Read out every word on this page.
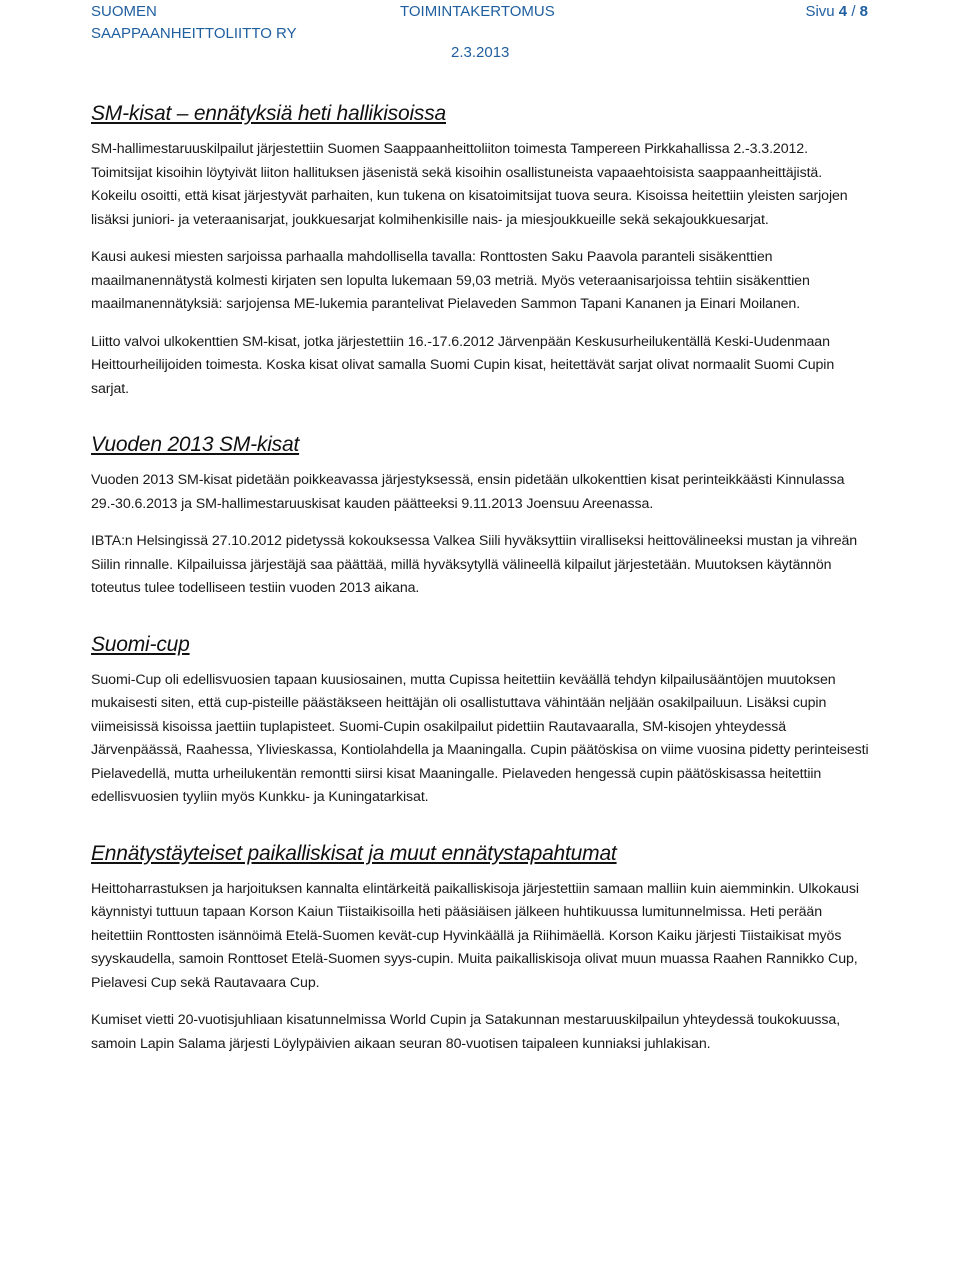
SUOMEN
SAAPPAANHEITTOLIITTO RY
TOIMINTAKERTOMUS
2.3.2013
Sivu 4 / 8
SM-kisat – ennätyksiä heti hallikisoissa

SM-hallimestaruuskilpailut järjestettiin Suomen Saappaanheittoliiton toimesta Tampereen Pirkkahallissa 2.-3.3.2012. Toimitsijat kisoihin löytyivät liiton hallituksen jäsenistä sekä kisoihin osallistuneista vapaaehtoisista saappaanheittäjistä. Kokeilu osoitti, että kisat järjestyvät parhaiten, kun tukena on kisatoimitsijat tuova seura. Kisoissa heitettiin yleisten sarjojen lisäksi juniori- ja veteraanisarjat, joukkuesarjat kolmihenkisille nais- ja miesjoukkueille sekä sekajoukkuesarjat.

Kausi aukesi miesten sarjoissa parhaalla mahdollisella tavalla: Ronttosten Saku Paavola paranteli sisäkenttien maailmanennätystä kolmesti kirjaten sen lopulta lukemaan 59,03 metriä. Myös veteraanisarjoissa tehtiin sisäkenttien maailmanennätyksiä: sarjojensa ME-lukemia parantelivat Pielaveden Sammon Tapani Kananen ja Einari Moilanen.

Liitto valvoi ulkokenttien SM-kisat, jotka järjestettiin 16.-17.6.2012 Järvenpään Keskusurheilukentällä Keski-Uudenmaan Heittourheilijoiden toimesta. Koska kisat olivat samalla Suomi Cupin kisat, heitettävät sarjat olivat normaalit Suomi Cupin sarjat.

Vuoden 2013 SM-kisat

Vuoden 2013 SM-kisat pidetään poikkeavassa järjestyksessä, ensin pidetään ulkokenttien kisat perinteikkäästi Kinnulassa 29.-30.6.2013 ja SM-hallimestaruuskisat kauden päätteeksi 9.11.2013 Joensuu Areenassa.

IBTA:n Helsingissä 27.10.2012 pidetyssä kokouksessa Valkea Siili hyväksyttiin viralliseksi heittovälineeksi mustan ja vihreän Siilin rinnalle. Kilpailuissa järjestäjä saa päättää, millä hyväksytyllä välineellä kilpailut järjestetään. Muutoksen käytännön toteutus tulee todelliseen testiin vuoden 2013 aikana.

Suomi-cup

Suomi-Cup oli edellisvuosien tapaan kuusiosainen, mutta Cupissa heitettiin keväällä tehdyn kilpailusääntöjen muutoksen mukaisesti siten, että cup-pisteille päästäkseen heittäjän oli osallistuttava vähintään neljään osakilpailuun. Lisäksi cupin viimeisissä kisoissa jaettiin tuplapisteet. Suomi-Cupin osakilpailut pidettiin Rautavaaralla, SM-kisojen yhteydessä Järvenpäässä, Raahessa, Ylivieskassa, Kontiolahdella ja Maaningalla. Cupin päätöskisa on viime vuosina pidetty perinteisesti Pielavedellä, mutta urheilukentän remontti siirsi kisat Maaningalle. Pielaveden hengessä cupin päätöskisassa heitettiin edellisvuosien tyyliin myös Kunkku- ja Kuningatarkisat.

Ennätystäyteiset paikalliskisat ja muut ennätystapahtumat

Heittoharrastuksen ja harjoituksen kannalta elintärkeitä paikalliskisoja järjestettiin samaan malliin kuin aiemminkin. Ulkokausi käynnistyi tuttuun tapaan Korson Kaiun Tiistaikisoilla heti pääsiäisen jälkeen huhtikuussa lumitunnelmissa. Heti perään heitettiin Ronttosten isännöimä Etelä-Suomen kevät-cup Hyvinkäällä ja Riihimäellä. Korson Kaiku järjesti Tiistaikisat myös syyskaudella, samoin Ronttoset Etelä-Suomen syys-cupin. Muita paikalliskisoja olivat muun muassa Raahen Rannikko Cup, Pielavesi Cup sekä Rautavaara Cup.

Kumiset vietti 20-vuotisjuhliaan kisatunnelmissa World Cupin ja Satakunnan mestaruuskilpailun yhteydessä toukokuussa, samoin Lapin Salama järjesti Löylypäivien aikaan seuran 80-vuotisen taipaleen kunniaksi juhlakisan.
